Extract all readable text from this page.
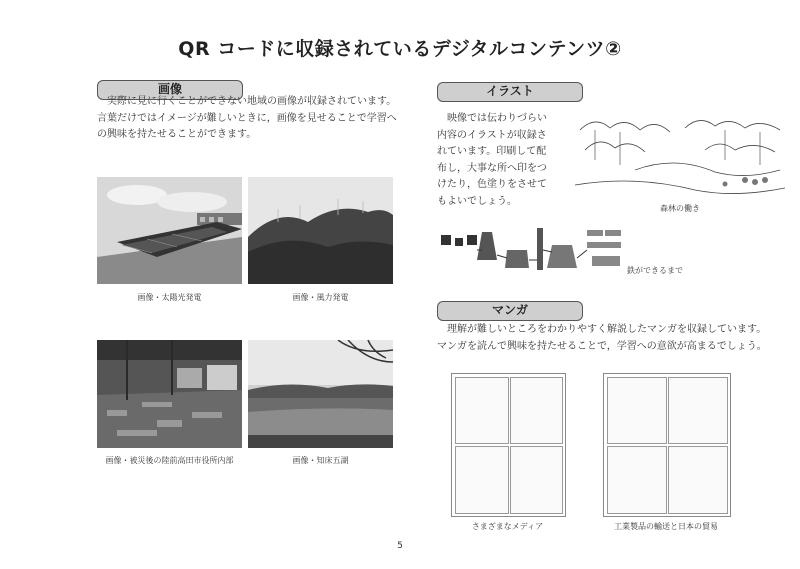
QR コードに収録されているデジタルコンテンツ②
画像
実際に見に行くことができない地域の画像が収録されています。
言葉だけではイメージが難しいときに，画像を見せることで学習へ
の興味を持たせることができます。
画像・太陽光発電	画像・風力発電
画像・被災後の陸前高田市役所内部	画像・知床五湖
イラスト
映像では伝わりづらい
内容のイラストが収録さ
れています。印刷して配
布し，大事な所へ印をつ
けたり，色塗りをさせて
もよいでしょう。
森林の働き
鉄ができるまで
マンガ
理解が難しいところをわかりやすく解説したマンガを収録しています。
マンガを読んで興味を持たせることで，学習への意欲が高まるでしょう。
さまざまなメディア	工業製品の輸送と日本の貿易
5
